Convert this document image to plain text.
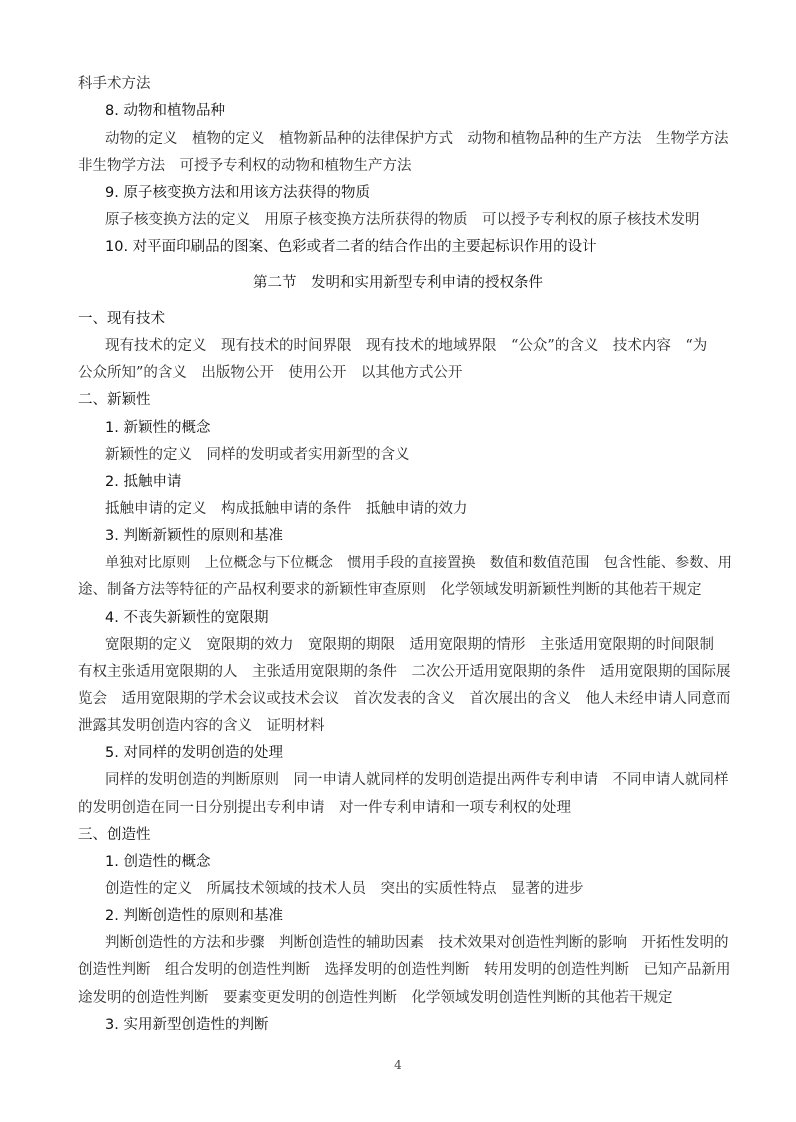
科手术方法

8. 动物和植物品种

动物的定义　植物的定义　植物新品种的法律保护方式　动物和植物品种的生产方法　生物学方法

非生物学方法　可授予专利权的动物和植物生产方法

9. 原子核变换方法和用该方法获得的物质

原子核变换方法的定义　用原子核变换方法所获得的物质　可以授予专利权的原子核技术发明

10. 对平面印刷品的图案、色彩或者二者的结合作出的主要起标识作用的设计

第二节　发明和实用新型专利申请的授权条件

一、现有技术

现有技术的定义　现有技术的时间界限　现有技术的地域界限　“公众”的含义　技术内容　“为

公众所知”的含义　出版物公开　使用公开　以其他方式公开

二、新颖性

1. 新颖性的概念

新颖性的定义　同样的发明或者实用新型的含义

2. 抵触申请

抵触申请的定义　构成抵触申请的条件　抵触申请的效力

3. 判断新颖性的原则和基准

单独对比原则　上位概念与下位概念　惯用手段的直接置换　数值和数值范围　包含性能、参数、用

途、制备方法等特征的产品权利要求的新颖性审查原则　化学领域发明新颖性判断的其他若干规定

4. 不丧失新颖性的宽限期

宽限期的定义　宽限期的效力　宽限期的期限　适用宽限期的情形　主张适用宽限期的时间限制

有权主张适用宽限期的人　主张适用宽限期的条件　二次公开适用宽限期的条件　适用宽限期的国际展

览会　适用宽限期的学术会议或技术会议　首次发表的含义　首次展出的含义　他人未经申请人同意而

泄露其发明创造内容的含义　证明材料

5. 对同样的发明创造的处理

同样的发明创造的判断原则　同一申请人就同样的发明创造提出两件专利申请　不同申请人就同样

的发明创造在同一日分别提出专利申请　对一件专利申请和一项专利权的处理

三、创造性

1. 创造性的概念

创造性的定义　所属技术领域的技术人员　突出的实质性特点　显著的进步

2. 判断创造性的原则和基准

判断创造性的方法和步骤　判断创造性的辅助因素　技术效果对创造性判断的影响　开拓性发明的

创造性判断　组合发明的创造性判断　选择发明的创造性判断　转用发明的创造性判断　已知产品新用

途发明的创造性判断　要素变更发明的创造性判断　化学领域发明创造性判断的其他若干规定

3. 实用新型创造性的判断

4
